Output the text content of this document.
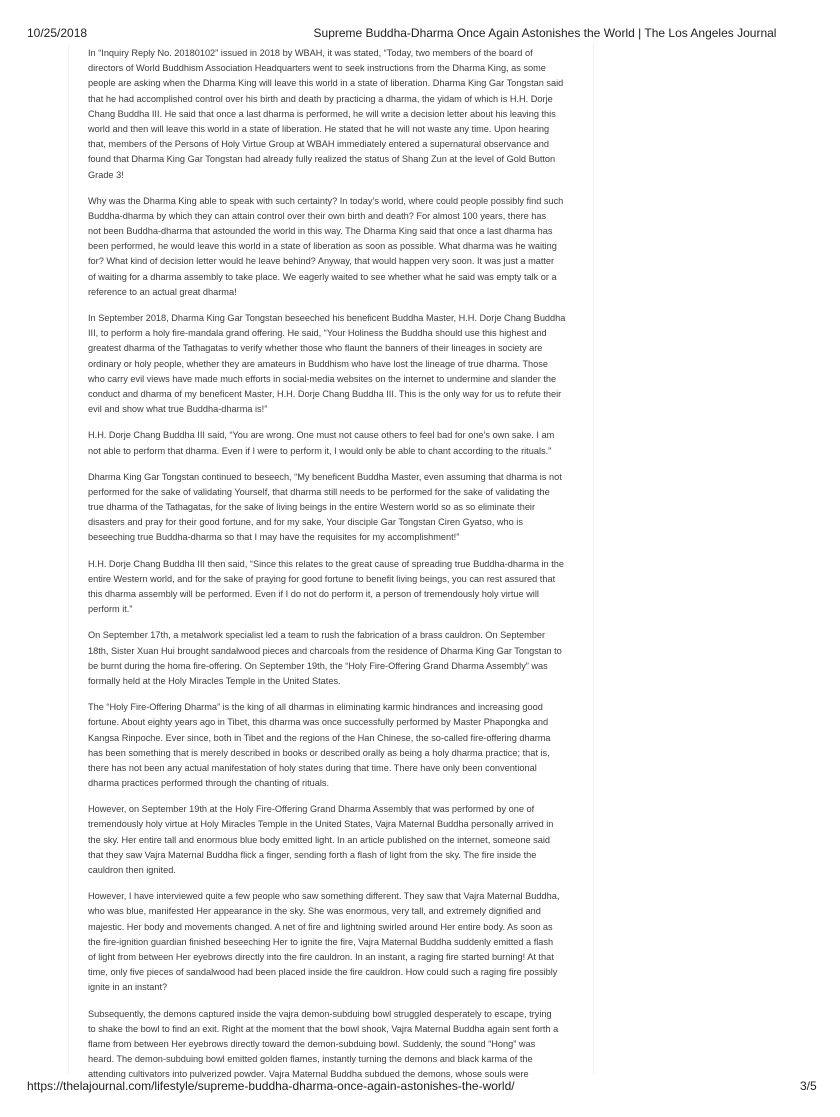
10/25/2018	Supreme Buddha-Dharma Once Again Astonishes the World | The Los Angeles Journal
In “Inquiry Reply No. 20180102” issued in 2018 by WBAH, it was stated, “Today, two members of the board of
directors of World Buddhism Association Headquarters went to seek instructions from the Dharma King, as some
people are asking when the Dharma King will leave this world in a state of liberation. Dharma King Gar Tongstan said
that he had accomplished control over his birth and death by practicing a dharma, the yidam of which is H.H. Dorje
Chang Buddha III. He said that once a last dharma is performed, he will write a decision letter about his leaving this
world and then will leave this world in a state of liberation. He stated that he will not waste any time. Upon hearing
that, members of the Persons of Holy Virtue Group at WBAH immediately entered a supernatural observance and
found that Dharma King Gar Tongstan had already fully realized the status of Shang Zun at the level of Gold Button
Grade 3!
Why was the Dharma King able to speak with such certainty? In today’s world, where could people possibly find such
Buddha-dharma by which they can attain control over their own birth and death? For almost 100 years, there has
not been Buddha-dharma that astounded the world in this way. The Dharma King said that once a last dharma has
been performed, he would leave this world in a state of liberation as soon as possible. What dharma was he waiting
for? What kind of decision letter would he leave behind? Anyway, that would happen very soon. It was just a matter
of waiting for a dharma assembly to take place. We eagerly waited to see whether what he said was empty talk or a
reference to an actual great dharma!
In September 2018, Dharma King Gar Tongstan beseeched his beneficent Buddha Master, H.H. Dorje Chang Buddha
III, to perform a holy fire-mandala grand offering. He said, “Your Holiness the Buddha should use this highest and
greatest dharma of the Tathagatas to verify whether those who flaunt the banners of their lineages in society are
ordinary or holy people, whether they are amateurs in Buddhism who have lost the lineage of true dharma. Those
who carry evil views have made much efforts in social-media websites on the internet to undermine and slander the
conduct and dharma of my beneficent Master, H.H. Dorje Chang Buddha III. This is the only way for us to refute their
evil and show what true Buddha-dharma is!”
H.H. Dorje Chang Buddha III said, “You are wrong. One must not cause others to feel bad for one’s own sake. I am
not able to perform that dharma. Even if I were to perform it, I would only be able to chant according to the rituals.”
Dharma King Gar Tongstan continued to beseech, “My beneficent Buddha Master, even assuming that dharma is not
performed for the sake of validating Yourself, that dharma still needs to be performed for the sake of validating the
true dharma of the Tathagatas, for the sake of living beings in the entire Western world so as so eliminate their
disasters and pray for their good fortune, and for my sake, Your disciple Gar Tongstan Ciren Gyatso, who is
beseeching true Buddha-dharma so that I may have the requisites for my accomplishment!”
H.H. Dorje Chang Buddha III then said, “Since this relates to the great cause of spreading true Buddha-dharma in the
entire Western world, and for the sake of praying for good fortune to benefit living beings, you can rest assured that
this dharma assembly will be performed. Even if I do not do perform it, a person of tremendously holy virtue will
perform it.”
On September 17th, a metalwork specialist led a team to rush the fabrication of a brass cauldron. On September
18th, Sister Xuan Hui brought sandalwood pieces and charcoals from the residence of Dharma King Gar Tongstan to
be burnt during the homa fire-offering. On September 19th, the “Holy Fire-Offering Grand Dharma Assembly” was
formally held at the Holy Miracles Temple in the United States.
The “Holy Fire-Offering Dharma” is the king of all dharmas in eliminating karmic hindrances and increasing good
fortune. About eighty years ago in Tibet, this dharma was once successfully performed by Master Phapongka and
Kangsa Rinpoche. Ever since, both in Tibet and the regions of the Han Chinese, the so-called fire-offering dharma
has been something that is merely described in books or described orally as being a holy dharma practice; that is,
there has not been any actual manifestation of holy states during that time. There have only been conventional
dharma practices performed through the chanting of rituals.
However, on September 19th at the Holy Fire-Offering Grand Dharma Assembly that was performed by one of
tremendously holy virtue at Holy Miracles Temple in the United States, Vajra Maternal Buddha personally arrived in
the sky. Her entire tall and enormous blue body emitted light. In an article published on the internet, someone said
that they saw Vajra Maternal Buddha flick a finger, sending forth a flash of light from the sky. The fire inside the
cauldron then ignited.
However, I have interviewed quite a few people who saw something different. They saw that Vajra Maternal Buddha,
who was blue, manifested Her appearance in the sky. She was enormous, very tall, and extremely dignified and
majestic. Her body and movements changed. A net of fire and lightning swirled around Her entire body. As soon as
the fire-ignition guardian finished beseeching Her to ignite the fire, Vajra Maternal Buddha suddenly emitted a flash
of light from between Her eyebrows directly into the fire cauldron. In an instant, a raging fire started burning! At that
time, only five pieces of sandalwood had been placed inside the fire cauldron. How could such a raging fire possibly
ignite in an instant?
Subsequently, the demons captured inside the vajra demon-subduing bowl struggled desperately to escape, trying
to shake the bowl to find an exit. Right at the moment that the bowl shook, Vajra Maternal Buddha again sent forth a
flame from between Her eyebrows directly toward the demon-subduing bowl. Suddenly, the sound “Hong” was
heard. The demon-subduing bowl emitted golden flames, instantly turning the demons and black karma of the
attending cultivators into pulverized powder. Vajra Maternal Buddha subdued the demons, whose souls were
https://thelajournal.com/lifestyle/supreme-buddha-dharma-once-again-astonishes-the-world/	3/5
